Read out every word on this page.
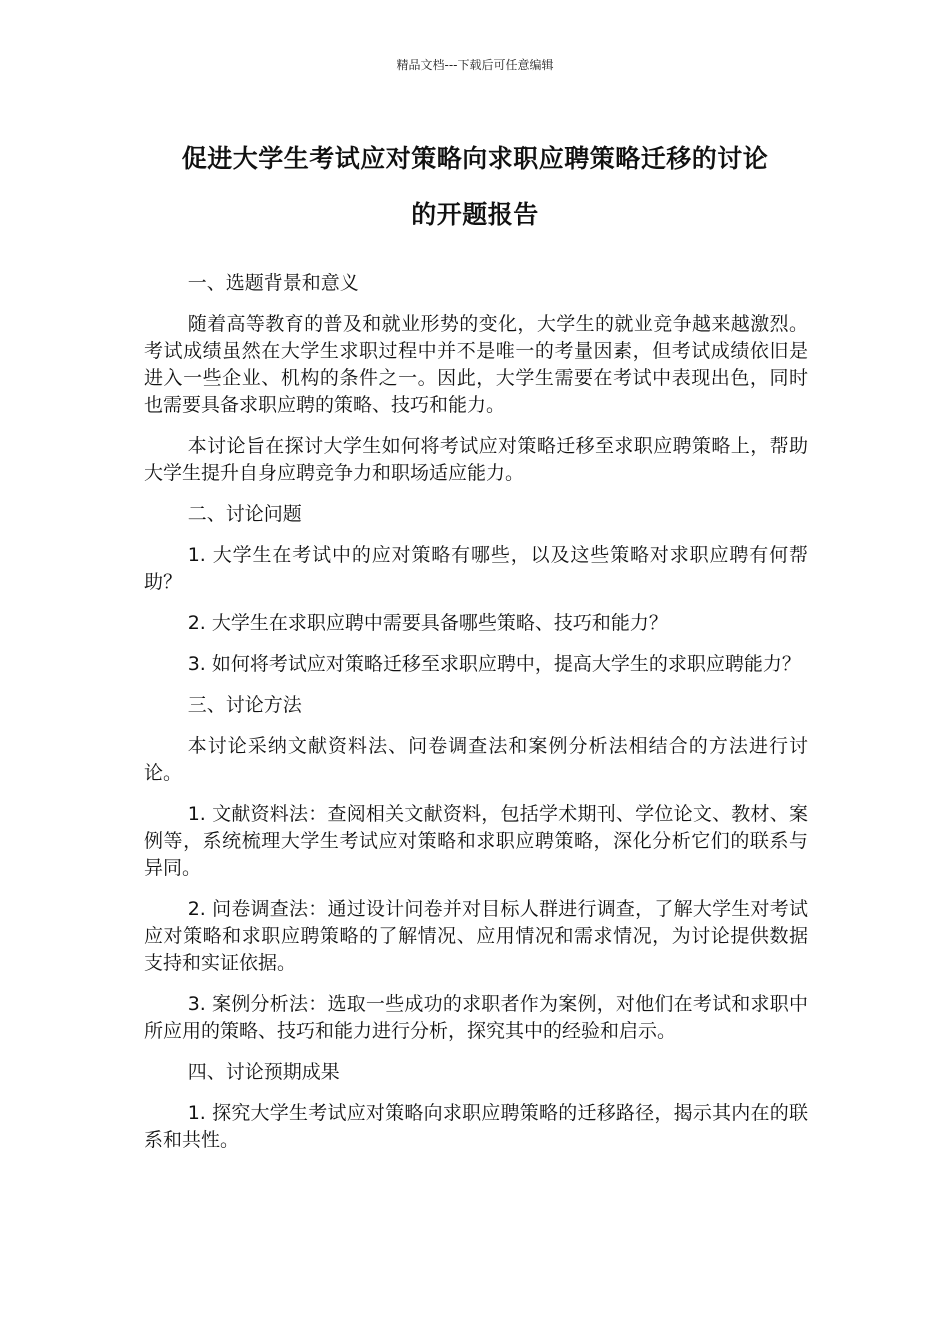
精品文档---下载后可任意编辑
促进大学生考试应对策略向求职应聘策略迁移的讨论
的开题报告

一、选题背景和意义

随着高等教育的普及和就业形势的变化，大学生的就业竞争越来越激烈。考试成绩虽然在大学生求职过程中并不是唯一的考量因素，但考试成绩依旧是进入一些企业、机构的条件之一。因此，大学生需要在考试中表现出色，同时也需要具备求职应聘的策略、技巧和能力。

本讨论旨在探讨大学生如何将考试应对策略迁移至求职应聘策略上，帮助大学生提升自身应聘竞争力和职场适应能力。

二、讨论问题

1. 大学生在考试中的应对策略有哪些，以及这些策略对求职应聘有何帮助？

2. 大学生在求职应聘中需要具备哪些策略、技巧和能力？

3. 如何将考试应对策略迁移至求职应聘中，提高大学生的求职应聘能力？

三、讨论方法

本讨论采纳文献资料法、问卷调查法和案例分析法相结合的方法进行讨论。

1. 文献资料法：查阅相关文献资料，包括学术期刊、学位论文、教材、案例等，系统梳理大学生考试应对策略和求职应聘策略，深化分析它们的联系与异同。

2. 问卷调查法：通过设计问卷并对目标人群进行调查，了解大学生对考试应对策略和求职应聘策略的了解情况、应用情况和需求情况，为讨论提供数据支持和实证依据。

3. 案例分析法：选取一些成功的求职者作为案例，对他们在考试和求职中所应用的策略、技巧和能力进行分析，探究其中的经验和启示。

四、讨论预期成果

1. 探究大学生考试应对策略向求职应聘策略的迁移路径，揭示其内在的联系和共性。
